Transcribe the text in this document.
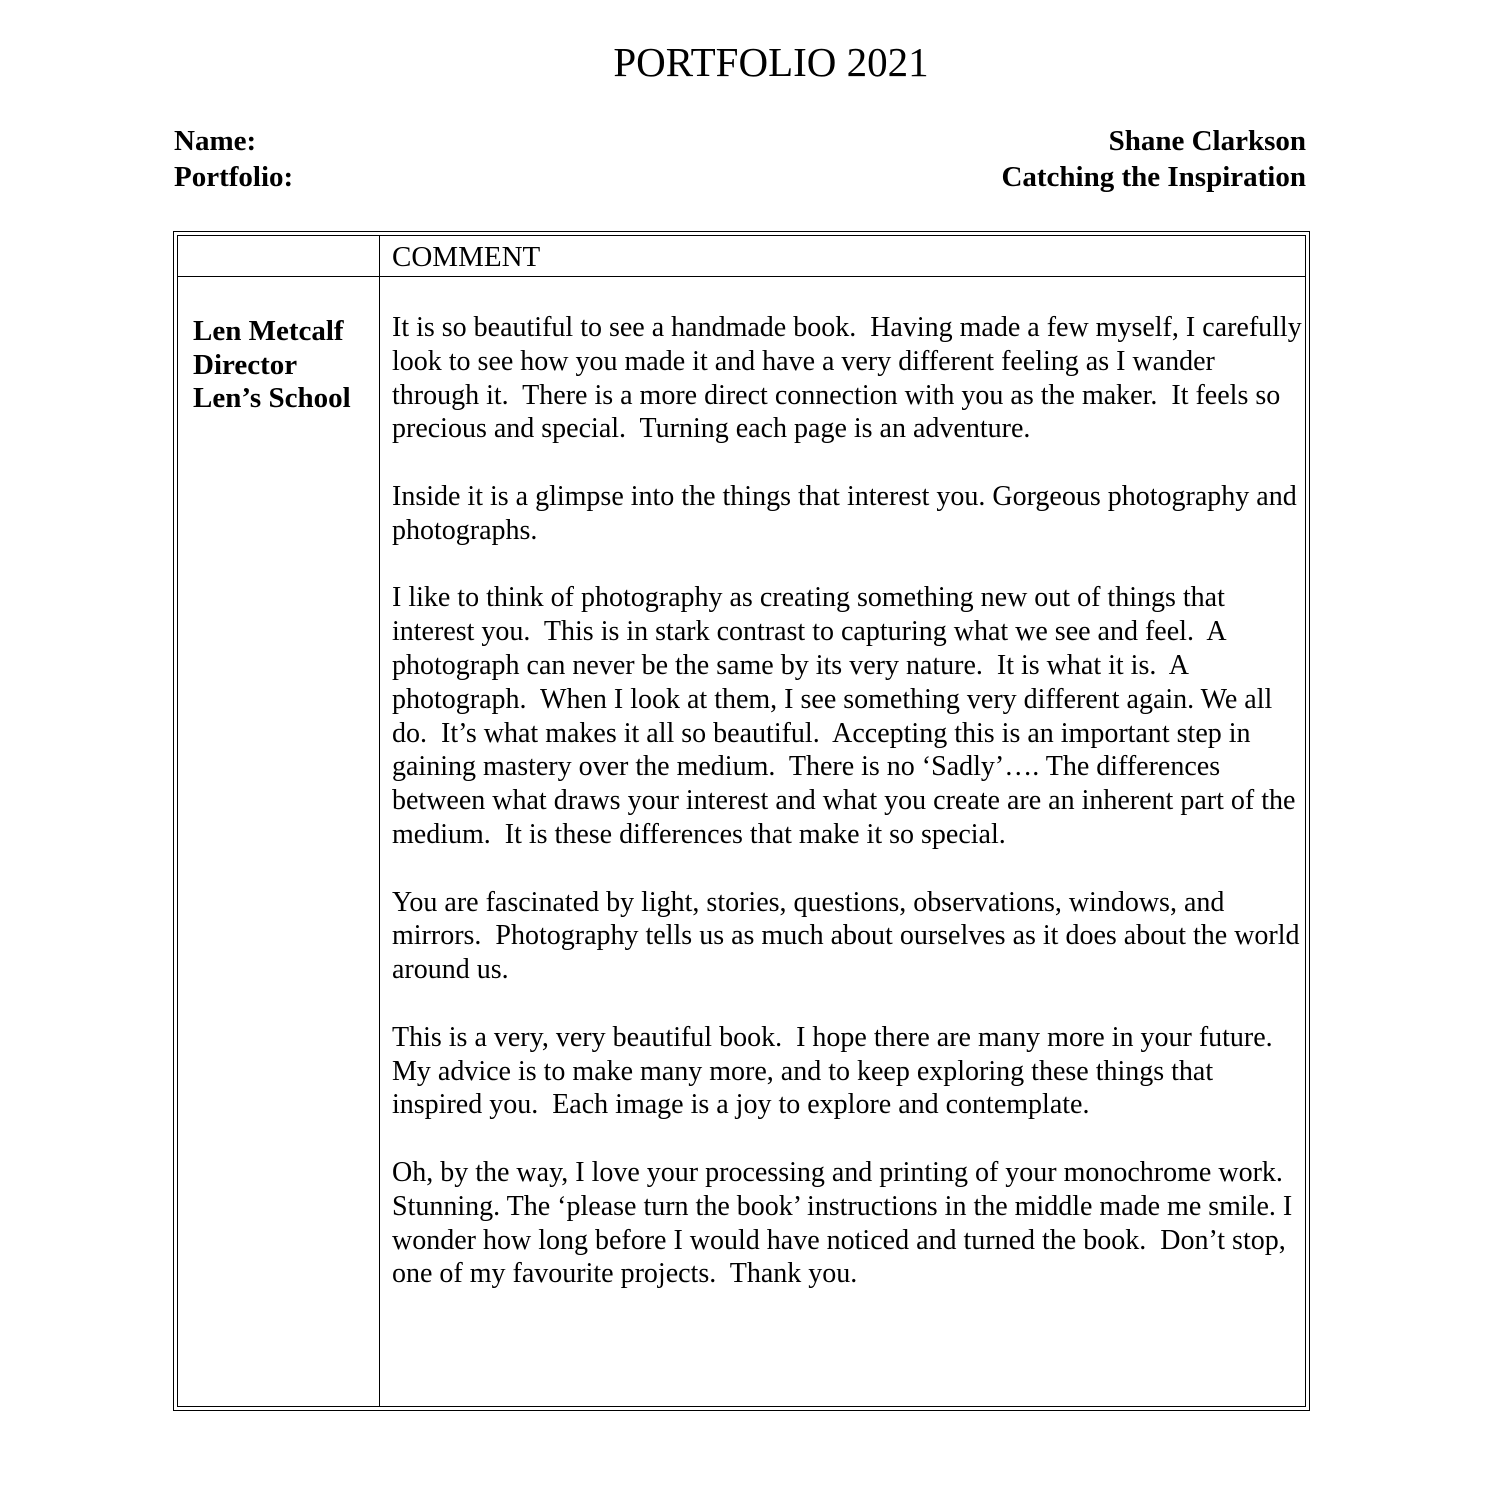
PORTFOLIO 2021
Name:	Shane Clarkson
Portfolio:	Catching the Inspiration
COMMENT
Len Metcalf
Director
Len’s School

It is so beautiful to see a handmade book.  Having made a few myself, I carefully look to see how you made it and have a very different feeling as I wander through it.  There is a more direct connection with you as the maker.  It feels so precious and special.  Turning each page is an adventure.

Inside it is a glimpse into the things that interest you. Gorgeous photography and photographs.

I like to think of photography as creating something new out of things that interest you.  This is in stark contrast to capturing what we see and feel.  A photograph can never be the same by its very nature.  It is what it is.  A photograph.  When I look at them, I see something very different again. We all do.  It’s what makes it all so beautiful.  Accepting this is an important step in gaining mastery over the medium.  There is no ‘Sadly’…. The differences between what draws your interest and what you create are an inherent part of the medium.  It is these differences that make it so special.

You are fascinated by light, stories, questions, observations, windows, and mirrors.  Photography tells us as much about ourselves as it does about the world around us.

This is a very, very beautiful book.  I hope there are many more in your future. My advice is to make many more, and to keep exploring these things that inspired you.  Each image is a joy to explore and contemplate.

Oh, by the way, I love your processing and printing of your monochrome work.  Stunning. The ‘please turn the book’ instructions in the middle made me smile. I wonder how long before I would have noticed and turned the book.  Don’t stop, one of my favourite projects.  Thank you.
